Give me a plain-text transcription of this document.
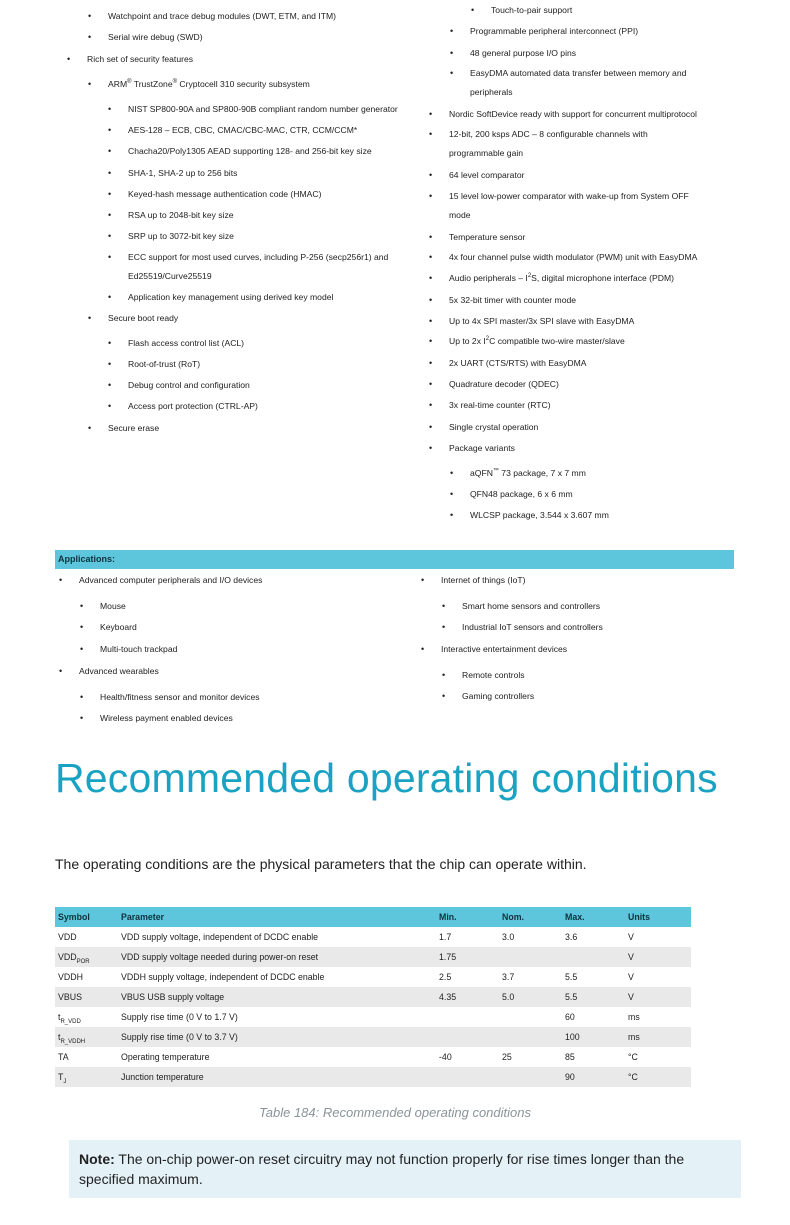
• Watchpoint and trace debug modules (DWT, ETM, and ITM)
• Serial wire debug (SWD)
• Rich set of security features
• ARM® TrustZone® Cryptocell 310 security subsystem
• NIST SP800-90A and SP800-90B compliant random number generator
• AES-128 – ECB, CBC, CMAC/CBC-MAC, CTR, CCM/CCM*
• Chacha20/Poly1305 AEAD supporting 128- and 256-bit key size
• SHA-1, SHA-2 up to 256 bits
• Keyed-hash message authentication code (HMAC)
• RSA up to 2048-bit key size
• SRP up to 3072-bit key size
• ECC support for most used curves, including P-256 (secp256r1) and
Ed25519/Curve25519
• Application key management using derived key model
• Secure boot ready
• Flash access control list (ACL)
• Root-of-trust (RoT)
• Debug control and configuration
• Access port protection (CTRL-AP)
• Secure erase
• Touch-to-pair support
• Programmable peripheral interconnect (PPI)
• 48 general purpose I/O pins
• EasyDMA automated data transfer between memory and
peripherals
• Nordic SoftDevice ready with support for concurrent multiprotocol
• 12-bit, 200 ksps ADC – 8 configurable channels with
programmable gain
• 64 level comparator
• 15 level low-power comparator with wake-up from System OFF
mode
• Temperature sensor
• 4x four channel pulse width modulator (PWM) unit with EasyDMA
• Audio peripherals – $I^2S$, digital microphone interface (PDM)
• 5x 32-bit timer with counter mode
• Up to 4x SPI master/3x SPI slave with EasyDMA
• Up to 2x $I^2C$ compatible two-wire master/slave
• 2x UART (CTS/RTS) with EasyDMA
• Quadrature decoder (QDEC)
• 3x real-time counter (RTC)
• Single crystal operation
• Package variants
• aQFN™ 73 package, 7 x 7 mm
• QFN48 package, 6 x 6 mm
• WLCSP package, 3.544 x 3.607 mm
Applications:
• Advanced computer peripherals and I/O devices
• Mouse
• Keyboard
• Multi-touch trackpad
• Advanced wearables
• Health/fitness sensor and monitor devices
• Wireless payment enabled devices
• Internet of things (IoT)
• Smart home sensors and controllers
• Industrial IoT sensors and controllers
• Interactive entertainment devices
• Remote controls
• Gaming controllers
Recommended operating conditions

The operating conditions are the physical parameters that the chip can operate within.

Symbol	Parameter	Min.	Nom.	Max.	Units
VDD	VDD supply voltage, independent of DCDC enable	1.7	3.0	3.6	V
$VDD_{POR}$	VDD supply voltage needed during power-on reset	1.75			V
VDDH	VDDH supply voltage, independent of DCDC enable	2.5	3.7	5.5	V
VBUS	VBUS USB supply voltage	4.35	5.0	5.5	V
$t_{R\_VDD}$	Supply rise time (0 V to 1.7 V)			60	ms
$t_{R\_VDDH}$	Supply rise time (0 V to 3.7 V)			100	ms
TA	Operating temperature	-40	25	85	°C
$T_J$	Junction temperature			90	°C
Table 184: Recommended operating conditions
Note: The on-chip power-on reset circuitry may not function properly for rise times longer than the specified maximum.
